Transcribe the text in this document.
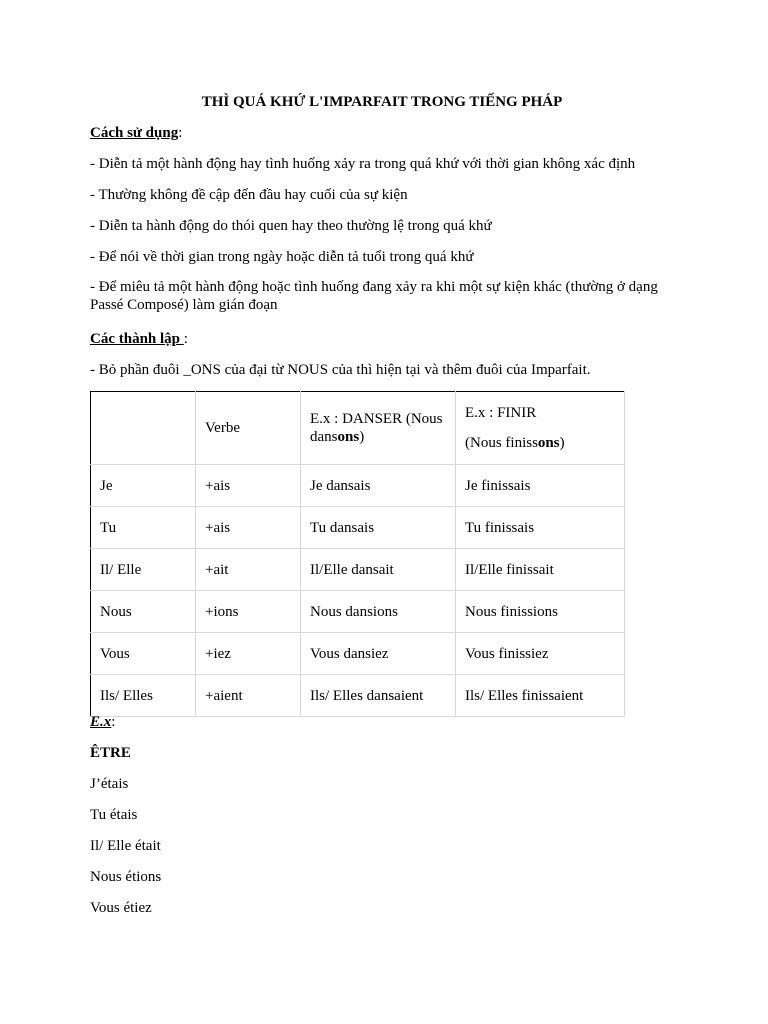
THÌ QUÁ KHỨ L'IMPARFAIT TRONG TIẾNG PHÁP
Cách sử dụng:
- Diễn tả một hành động hay tình huống xảy ra trong quá khứ với thời gian không xác định
- Thường không đề cập đến đầu hay cuối của sự kiện
- Diễn ta hành động do thói quen hay theo thường lệ trong quá khứ
- Để nói về thời gian trong ngày hoặc diễn tả tuổi trong quá khứ
- Để miêu tả một hành động hoặc tình huống đang xảy ra khi một sự kiện khác (thường ở dạng Passé Composé) làm gián đoạn
Các thành lập :
- Bỏ phần đuôi _ONS của đại từ NOUS của thì hiện tại và thêm đuôi của Imparfait.
	Verbe	E.x : DANSER (Nous dansons)	E.x : FINIR

(Nous finissons)

Je	+ais	Je dansais	Je finissais
Tu	+ais	Tu dansais	Tu finissais
Il/ Elle	+ait	Il/Elle dansait	Il/Elle finissait
Nous	+ions	Nous dansions	Nous finissions
Vous	+iez	Vous dansiez	Vous finissiez
Ils/ Elles	+aient	Ils/ Elles dansaient	Ils/ Elles finissaient
E.x:
ÊTRE
J’étais
Tu étais
Il/ Elle était
Nous étions
Vous étiez
